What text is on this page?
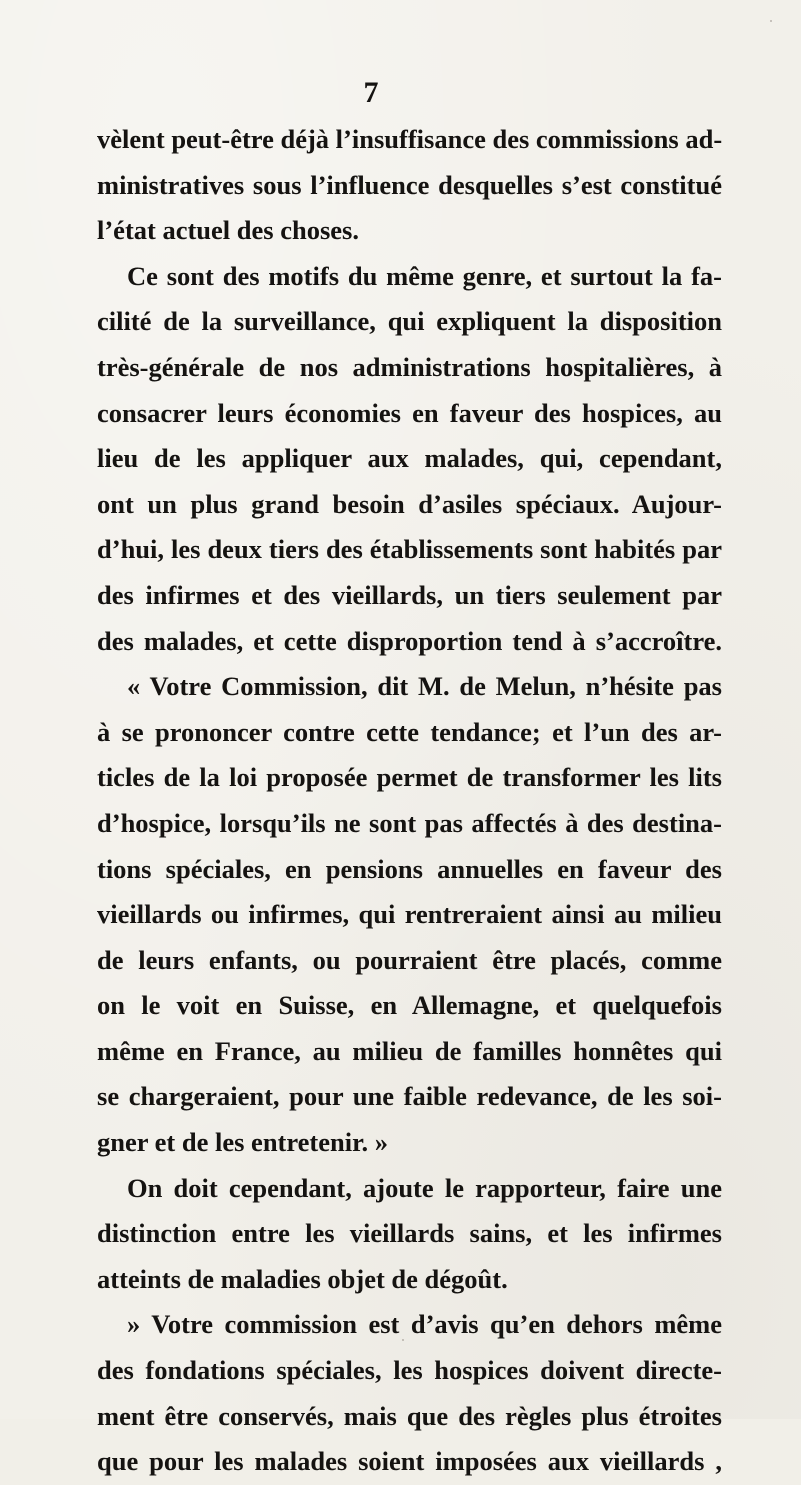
7
vèlent peut-être déjà l’insuffisance des commissions ad-
ministratives sous l’influence desquelles s’est constitué
l’état actuel des choses.
Ce sont des motifs du même genre, et surtout la fa-
cilité de la surveillance, qui expliquent la disposition
très-générale de nos administrations hospitalières, à
consacrer leurs économies en faveur des hospices, au
lieu de les appliquer aux malades, qui, cependant,
ont un plus grand besoin d’asiles spéciaux. Aujour-
d’hui, les deux tiers des établissements sont habités par
des infirmes et des vieillards, un tiers seulement par
des malades, et cette disproportion tend à s’accroître.
« Votre Commission, dit M. de Melun, n’hésite pas
à se prononcer contre cette tendance; et l’un des ar-
ticles de la loi proposée permet de transformer les lits
d’hospice, lorsqu’ils ne sont pas affectés à des destina-
tions spéciales, en pensions annuelles en faveur des
vieillards ou infirmes, qui rentreraient ainsi au milieu
de leurs enfants, ou pourraient être placés, comme
on le voit en Suisse, en Allemagne, et quelquefois
même en France, au milieu de familles honnêtes qui
se chargeraient, pour une faible redevance, de les soi-
gner et de les entretenir. »
On doit cependant, ajoute le rapporteur, faire une
distinction entre les vieillards sains, et les infirmes
atteints de maladies objet de dégoût.
» Votre commission est d’avis qu’en dehors même
des fondations spéciales, les hospices doivent directe-
ment être conservés, mais que des règles plus étroites
que pour les malades soient imposées aux vieillards ,
